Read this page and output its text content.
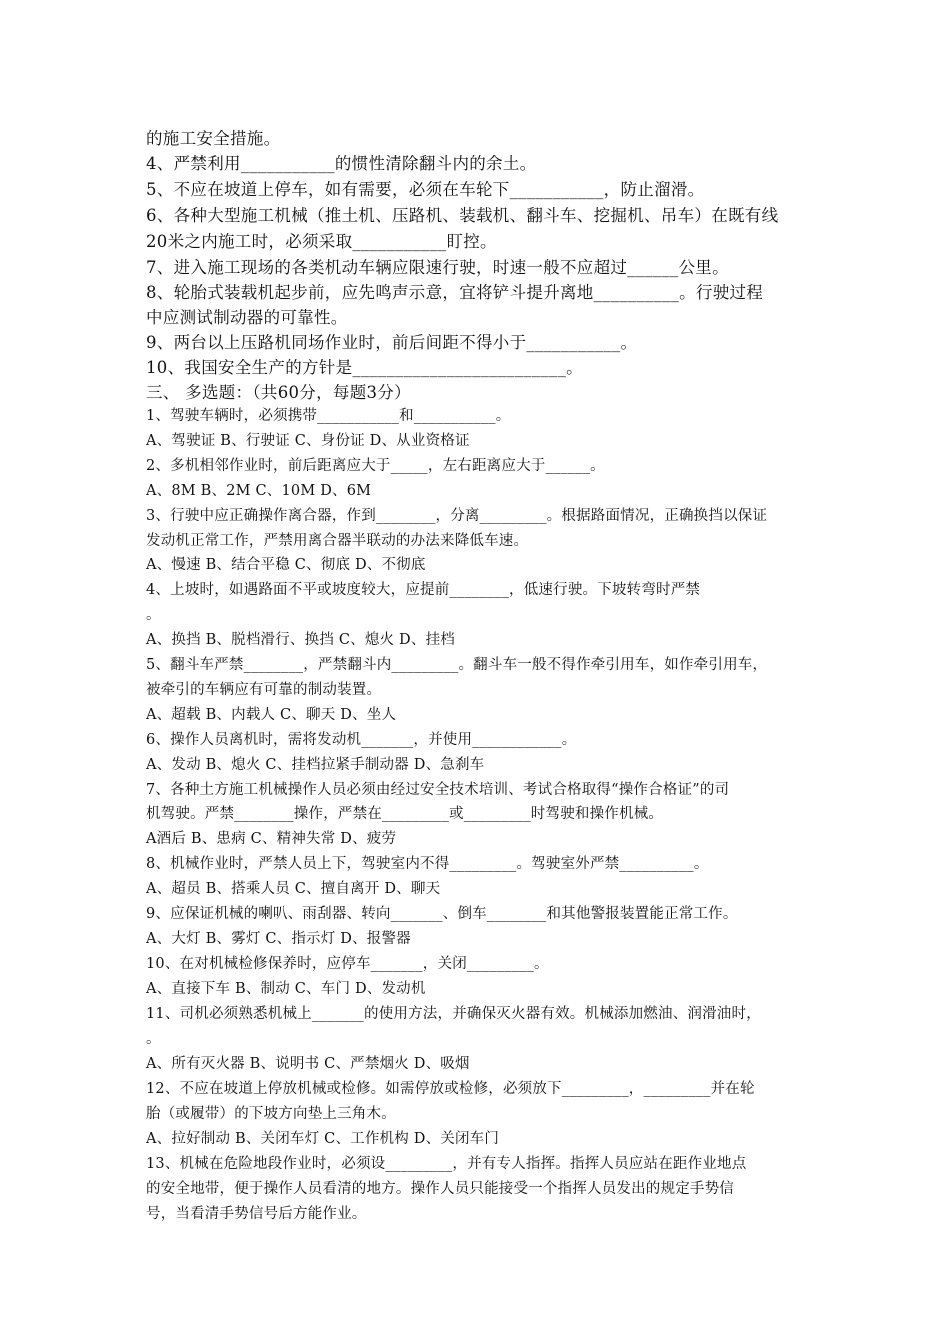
的施工安全措施。
4、严禁利用___________的惯性清除翻斗内的余土。
5、不应在坡道上停车，如有需要，必须在车轮下___________，防止溜滑。
6、各种大型施工机械（推土机、压路机、装载机、翻斗车、挖掘机、吊车）在既有线
20米之内施工时，必须采取___________盯控。
7、进入施工现场的各类机动车辆应限速行驶，时速一般不应超过______公里。
8、轮胎式装载机起步前，应先鸣声示意，宜将铲斗提升离地__________。行驶过程
中应测试制动器的可靠性。
9、两台以上压路机同场作业时，前后间距不得小于___________。
10、我国安全生产的方针是_________________________。
三、 多选题：（共60分，每题3分）
1、驾驶车辆时，必须携带___________和___________。
A、驾驶证 B、行驶证 C、身份证 D、从业资格证
2、多机相邻作业时，前后距离应大于_____，左右距离应大于______。
A、8M B、2M C、10M D、6M
3、行驶中应正确操作离合器，作到________，分离_________。根据路面情况，正确换挡以保证
发动机正常工作，严禁用离合器半联动的办法来降低车速。
A、慢速 B、结合平稳 C、彻底 D、不彻底
4、上坡时，如遇路面不平或坡度较大，应提前________，低速行驶。下坡转弯时严禁
。
A、换挡 B、脱档滑行、换挡 C、熄火 D、挂档
5、翻斗车严禁________，严禁翻斗内_________。翻斗车一般不得作牵引用车，如作牵引用车，
被牵引的车辆应有可靠的制动装置。
A、超载 B、内载人 C、聊天 D、坐人
6、操作人员离机时，需将发动机_______，并使用____________。
A、发动 B、熄火 C、挂档拉紧手制动器 D、急刹车
7、各种土方施工机械操作人员必须由经过安全技术培训、考试合格取得“操作合格证”的司
机驾驶。严禁________操作，严禁在_________或_________时驾驶和操作机械。
A酒后 B、患病 C、精神失常 D、疲劳
8、机械作业时，严禁人员上下，驾驶室内不得_________。驾驶室外严禁__________。
A、超员 B、搭乘人员 C、擅自离开 D、聊天
9、应保证机械的喇叭、雨刮器、转向_______、倒车________和其他警报装置能正常工作。
A、大灯 B、雾灯 C、指示灯 D、报警器
10、在对机械检修保养时，应停车_______，关闭_________。
A、直接下车 B、制动 C、车门 D、发动机
11、司机必须熟悉机械上_______的使用方法，并确保灭火器有效。机械添加燃油、润滑油时，
。
A、所有灭火器 B、说明书 C、严禁烟火 D、吸烟
12、不应在坡道上停放机械或检修。如需停放或检修，必须放下_________，_________并在轮
胎（或履带）的下坡方向垫上三角木。
A、拉好制动 B、关闭车灯 C、工作机构 D、关闭车门
13、机械在危险地段作业时，必须设_________，并有专人指挥。指挥人员应站在距作业地点
的安全地带，便于操作人员看清的地方。操作人员只能接受一个指挥人员发出的规定手势信
号，当看清手势信号后方能作业。
